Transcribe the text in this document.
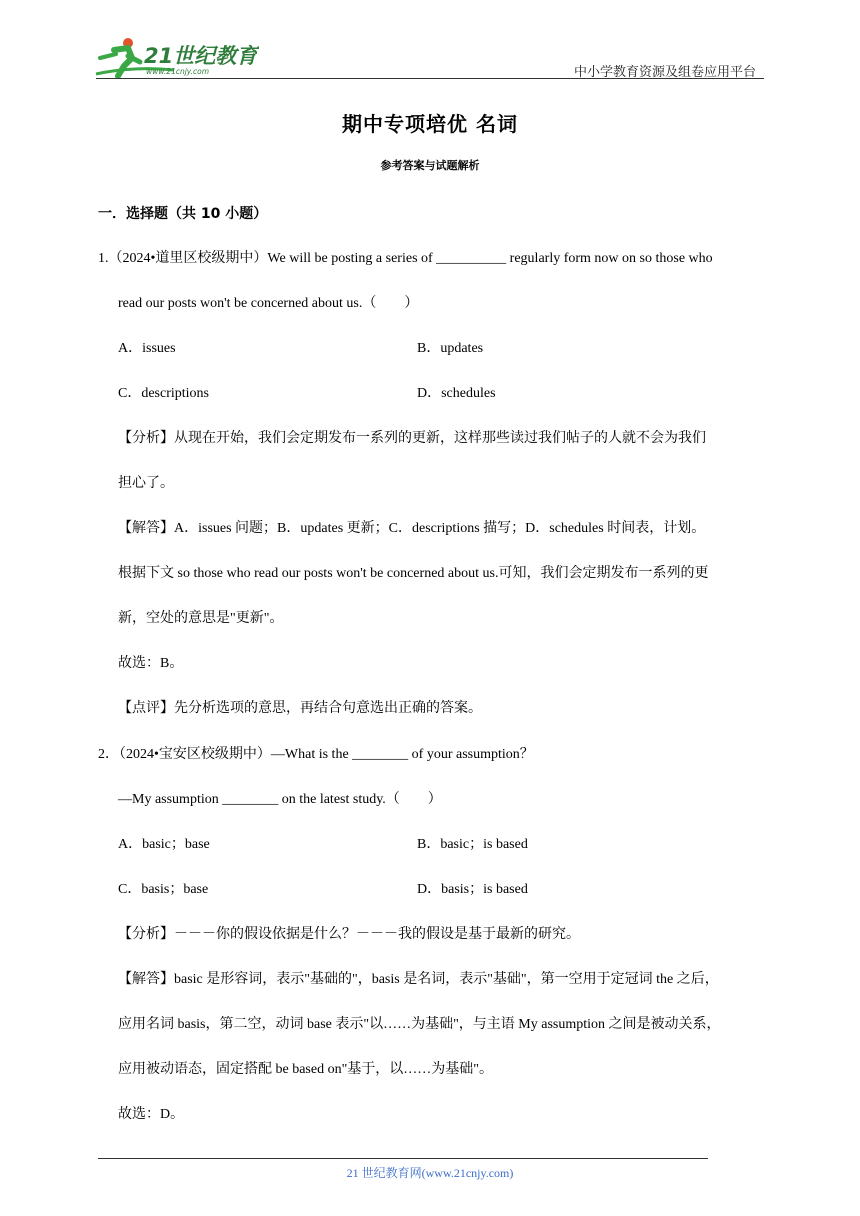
21世纪教育
www.21cnjy.com	中小学教育资源及组卷应用平台
期中专项培优 名词
参考答案与试题解析
一．选择题（共 10 小题）
1.（2024•道里区校级期中）We will be posting a series of __________ regularly form now on so those who
read our posts won't be concerned about us.（　　）
A．issues	B．updates
C．descriptions	D．schedules
【分析】从现在开始，我们会定期发布一系列的更新，这样那些读过我们帖子的人就不会为我们
担心了。
【解答】A．issues 问题；B．updates 更新；C．descriptions 描写；D．schedules 时间表，计划。
根据下文 so those who read our posts won't be concerned about us.可知，我们会定期发布一系列的更
新，空处的意思是"更新"。
故选：B。
【点评】先分析选项的意思，再结合句意选出正确的答案。
2．（2024•宝安区校级期中）—What is the ________ of your assumption？
—My assumption ________ on the latest study.（　　）
A．basic；base	B．basic；is based
C．basis；base	D．basis；is based
【分析】－－－你的假设依据是什么？－－－我的假设是基于最新的研究。
【解答】basic 是形容词，表示"基础的"，basis 是名词，表示"基础"，第一空用于定冠词 the 之后，
应用名词 basis，第二空，动词 base 表示"以……为基础"，与主语 My assumption 之间是被动关系，
应用被动语态，固定搭配 be based on"基于，以……为基础"。
故选：D。
21 世纪教育网(www.21cnjy.com)
